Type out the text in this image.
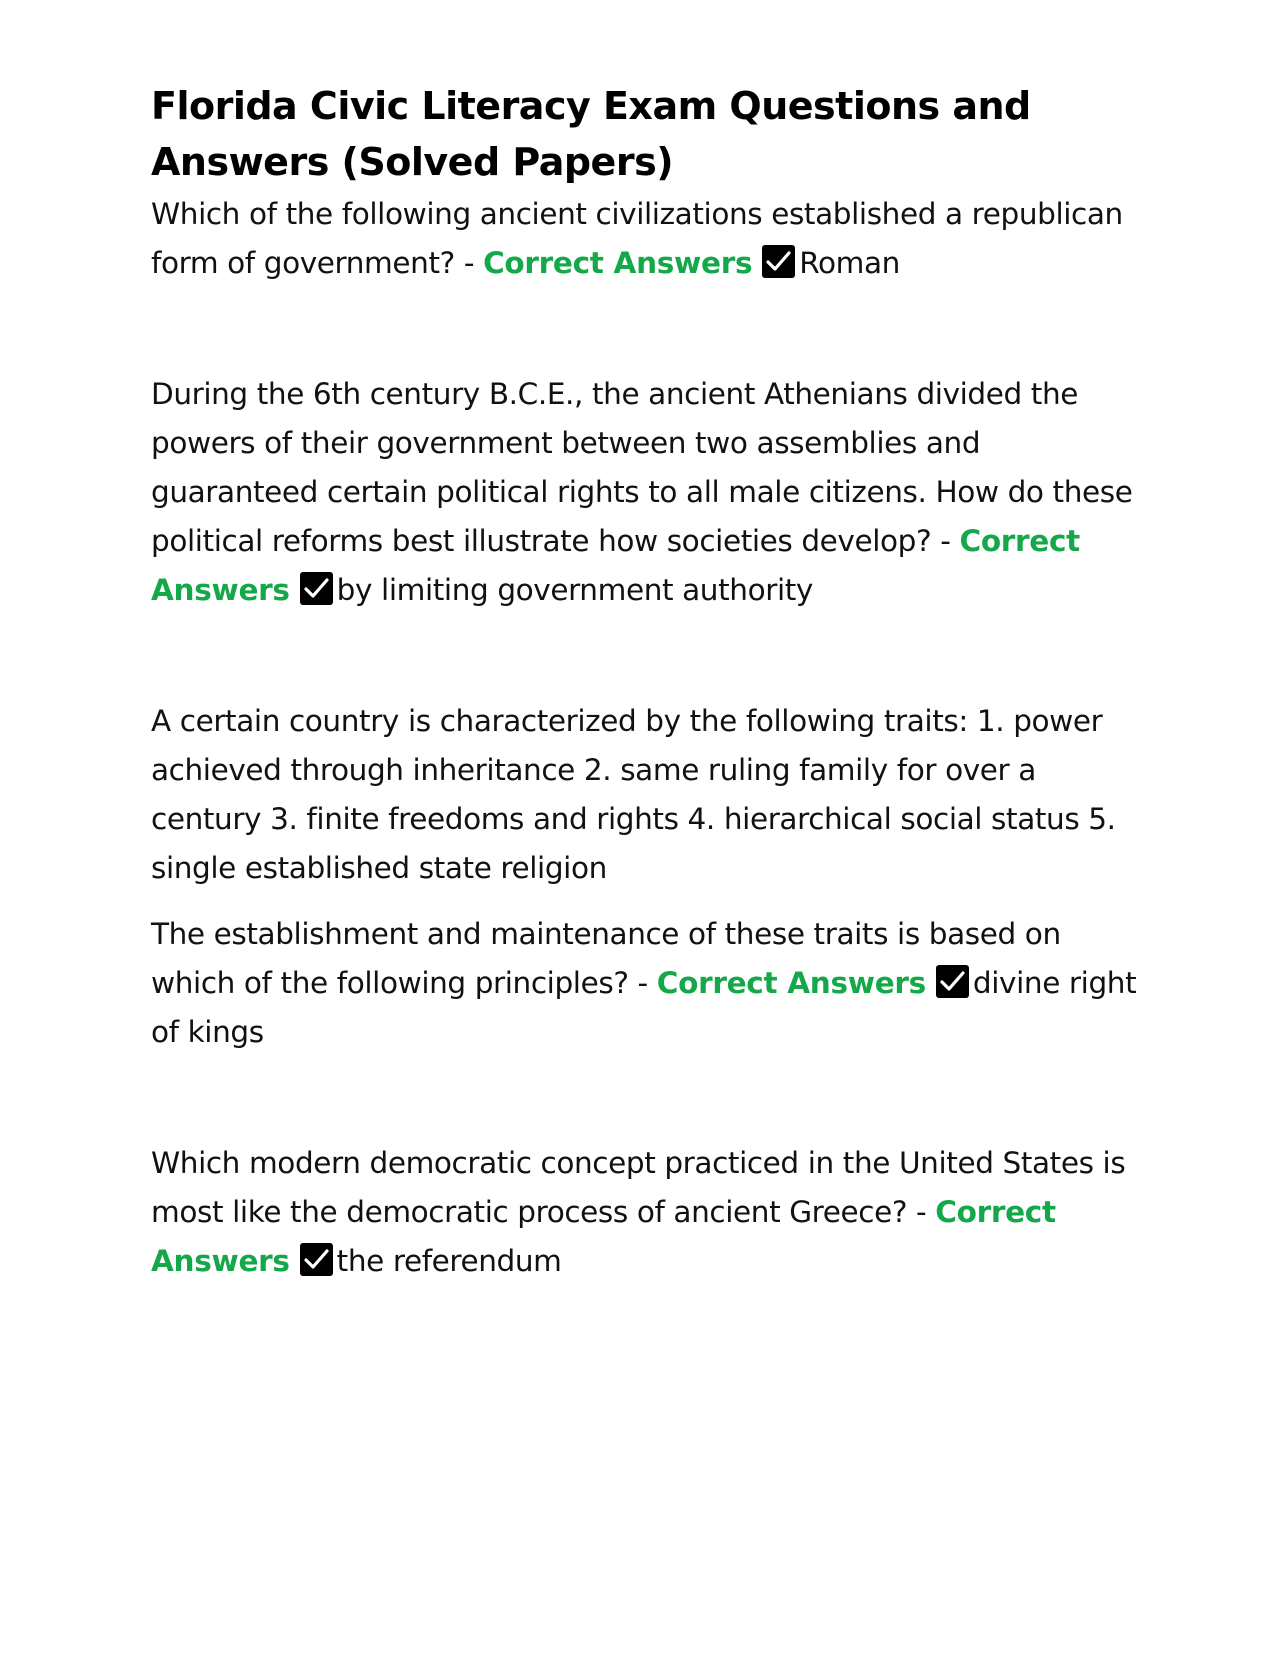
Florida Civic Literacy Exam Questions and
Answers (Solved Papers)

Which of the following ancient civilizations established a republican form of government? - Correct Answers Roman

During the 6th century B.C.E., the ancient Athenians divided the powers of their government between two assemblies and guaranteed certain political rights to all male citizens. How do these political reforms best illustrate how societies develop? - Correct Answers by limiting government authority

A certain country is characterized by the following traits: 1. power achieved through inheritance 2. same ruling family for over a century 3. finite freedoms and rights 4. hierarchical social status 5. single established state religion

The establishment and maintenance of these traits is based on which of the following principles? - Correct Answers divine right of kings

Which modern democratic concept practiced in the United States is most like the democratic process of ancient Greece? - Correct Answers the referendum
